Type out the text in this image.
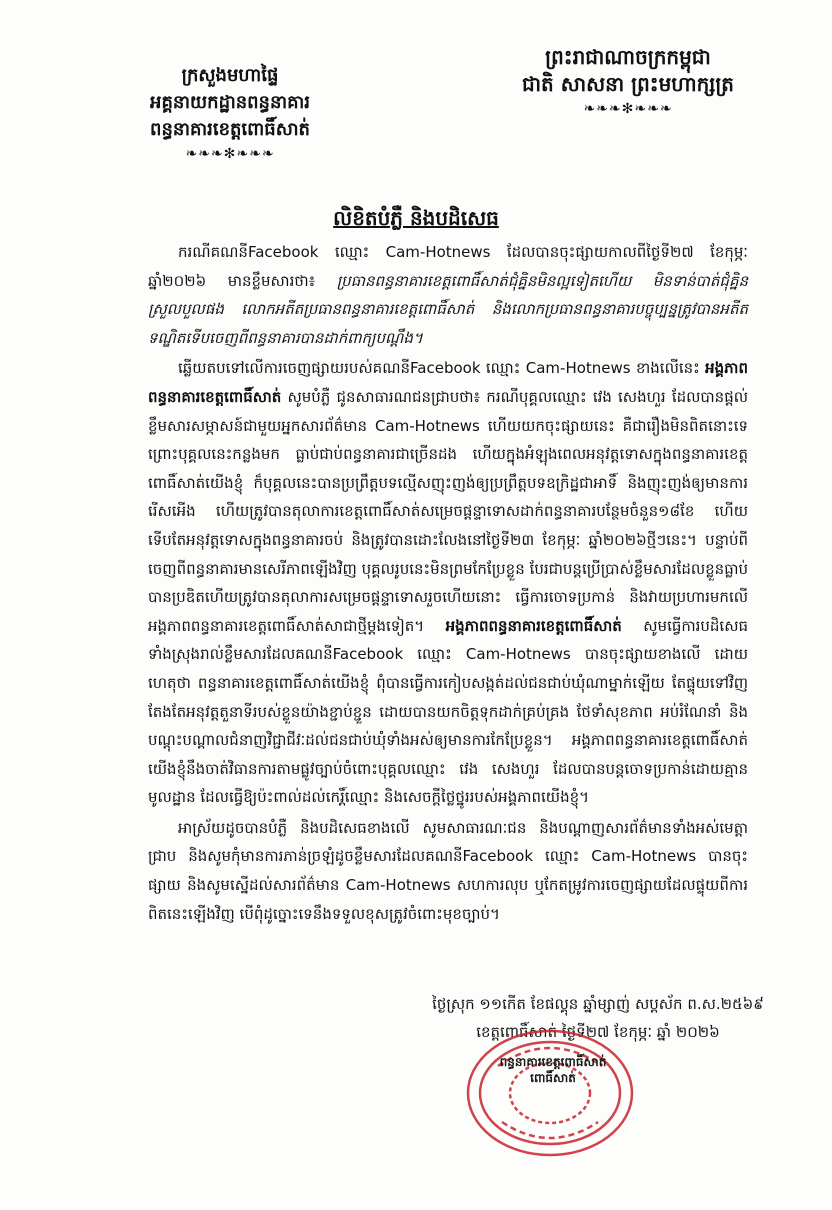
ក្រសួងមហាផ្ទៃ
អគ្គនាយកដ្ឋានពន្ធនាគារ
ពន្ធនាគារខេត្តពោធិ៍សាត់
❧❧❧✻❧❧❧
ព្រះរាជាណាចក្រកម្ពុជា
ជាតិ សាសនា ព្រះមហាក្សត្រ
❧❧❧✻❧❧❧
លិខិតបំភ្លឺ និងបដិសេធ

ករណីគណនីFacebook ឈ្មោះ Cam-Hotnews ដែលបានចុះផ្សាយកាលពីថ្ងៃទី២៧ ខែកុម្ភៈ ឆ្នាំ២០២៦ មានខ្លឹមសារថា៖ ប្រធានពន្ធនាគារខេត្តពោធិ៍សាត់ជុំគ្និនមិនល្អទៀតហើយ មិនទាន់បាត់ជុំគ្និនស្រួលបួលផង លោកអតីតប្រធានពន្ធនាគារខេត្តពោធិ៍សាត់ និងលោកប្រធានពន្ធនាគារបច្ចុប្បន្នត្រូវបានអតីតទណ្ឌិតទើបចេញពីពន្ធនាគារបានដាក់ពាក្យបណ្តឹង។

ឆ្លើយតបទៅលើការចេញផ្សាយរបស់គណនីFacebook ឈ្មោះ Cam-Hotnews ខាងលើនេះ អង្គភាពពន្ធនាគារខេត្តពោធិ៍សាត់ សូមបំភ្លឺ ជូនសាធារណជនជ្រាបថា៖ ករណីបុគ្គលឈ្មោះ វេង សេងហួរ ដែលបានផ្តល់ខ្លឹមសារសម្ភាសន៍ជាមួយអ្នកសារព័ត៌មាន Cam-Hotnews ហើយយកចុះផ្សាយនេះ គឺជារឿងមិនពិតនោះទេ ព្រោះបុគ្គលនេះកន្លងមក ធ្លាប់ជាប់ពន្ធនាគារជាច្រើនដង ហើយក្នុងអំឡុងពេលអនុវត្តទោសក្នុងពន្ធនាគារខេត្តពោធិ៍សាត់យើងខ្ញុំ ក៏បុគ្គលនេះបានប្រព្រឹត្តបទល្មើសញុះញង់ឲ្យប្រព្រឹត្តបទឧក្រិដ្ឋជាអាទិ៍ និងញុះញង់ឲ្យមានការរើសអើង ហើយត្រូវបានតុលាការខេត្តពោធិ៍សាត់សម្រេចផ្តន្ទាទោសដាក់ពន្ធនាគារបន្ថែមចំនួន១៨ខែ ហើយទើបតែអនុវត្តទោសក្នុងពន្ធនាគារចប់ និងត្រូវបានដោះលែងនៅថ្ងៃទី២៣ ខែកុម្ភៈ ឆ្នាំ២០២៦ថ្មីៗនេះ។ បន្ទាប់ពីចេញពីពន្ធនាគារមានសេរីភាពឡើងវិញ បុគ្គលរូបនេះមិនព្រមកែប្រែខ្លួន បែរជាបន្តប្រើប្រាស់ខ្លឹមសារដែលខ្លួនធ្លាប់បានប្រឌិតហើយត្រូវបានតុលាការសម្រេចផ្តន្ទាទោសរួចហើយនោះ ធ្វើការចោទប្រកាន់ និងវាយប្រហារមកលើអង្គភាពពន្ធនាគារខេត្តពោធិ៍សាត់សាជាថ្មីម្តងទៀត។ អង្គភាពពន្ធនាគារខេត្តពោធិ៍សាត់ សូមធ្វើការបដិសេធទាំងស្រុងរាល់ខ្លឹមសារដែលគណនីFacebook ឈ្មោះ Cam-Hotnews បានចុះផ្សាយខាងលើ ដោយហេតុថា ពន្ធនាគារខេត្តពោធិ៍សាត់យើងខ្ញុំ ពុំបានធ្វើការកៀបសង្កត់ដល់ជនជាប់ឃុំណាម្នាក់ឡើយ តែផ្ទុយទៅវិញ តែងតែអនុវត្តតួនាទីរបស់ខ្លួនយ៉ាងខ្ជាប់ខ្ជួន ដោយបានយកចិត្តទុកដាក់គ្រប់គ្រង ថែទាំសុខភាព អប់រំណែនាំ និងបណ្តុះបណ្តាលជំនាញវិជ្ជាជីវៈដល់ជនជាប់ឃុំទាំងអស់ឲ្យមានការកែប្រែខ្លួន។ អង្គភាពពន្ធនាគារខេត្តពោធិ៍សាត់យើងខ្ញុំនឹងចាត់វិធានការតាមផ្លូវច្បាប់ចំពោះបុគ្គលឈ្មោះ វេង សេងហួរ ដែលបានបន្តចោទប្រកាន់ដោយគ្មានមូលដ្ឋាន ដែលធ្វើឱ្យប៉ះពាល់ដល់កេរ្តិ៍ឈ្មោះ និងសេចក្តីថ្លៃថ្នូររបស់អង្គភាពយើងខ្ញុំ។

អាស្រ័យដូចបានបំភ្លឺ និងបដិសេធខាងលើ សូមសាធារណៈជន និងបណ្តាញសារព័ត៌មានទាំងអស់មេត្តាជ្រាប និងសូមកុំមានការភាន់ច្រឡំដូចខ្លឹមសារដែលគណនីFacebook ឈ្មោះ Cam-Hotnews បានចុះផ្សាយ និងសូមស្នើដល់សារព័ត៌មាន Cam-Hotnews សហការលុប ឬកែតម្រូវការចេញផ្សាយដែលផ្ទុយពីការពិតនេះឡើងវិញ បើពុំដូច្នោះទេនឹងទទួលខុសត្រូវចំពោះមុខច្បាប់។

ថ្ងៃស្រុក ១១កើត ខែផល្គុន ឆ្នាំម្សាញ់ សប្តស័ក ព.ស.២៥៦៩
ខេត្តពោធិ៍សាត់ ថ្ងៃទី២៧ ខែកុម្ភៈ ឆ្នាំ ២០២៦
ពន្ធនាគារខេត្តពោធិ៍សាត់
ពោធិ៍សាត់
